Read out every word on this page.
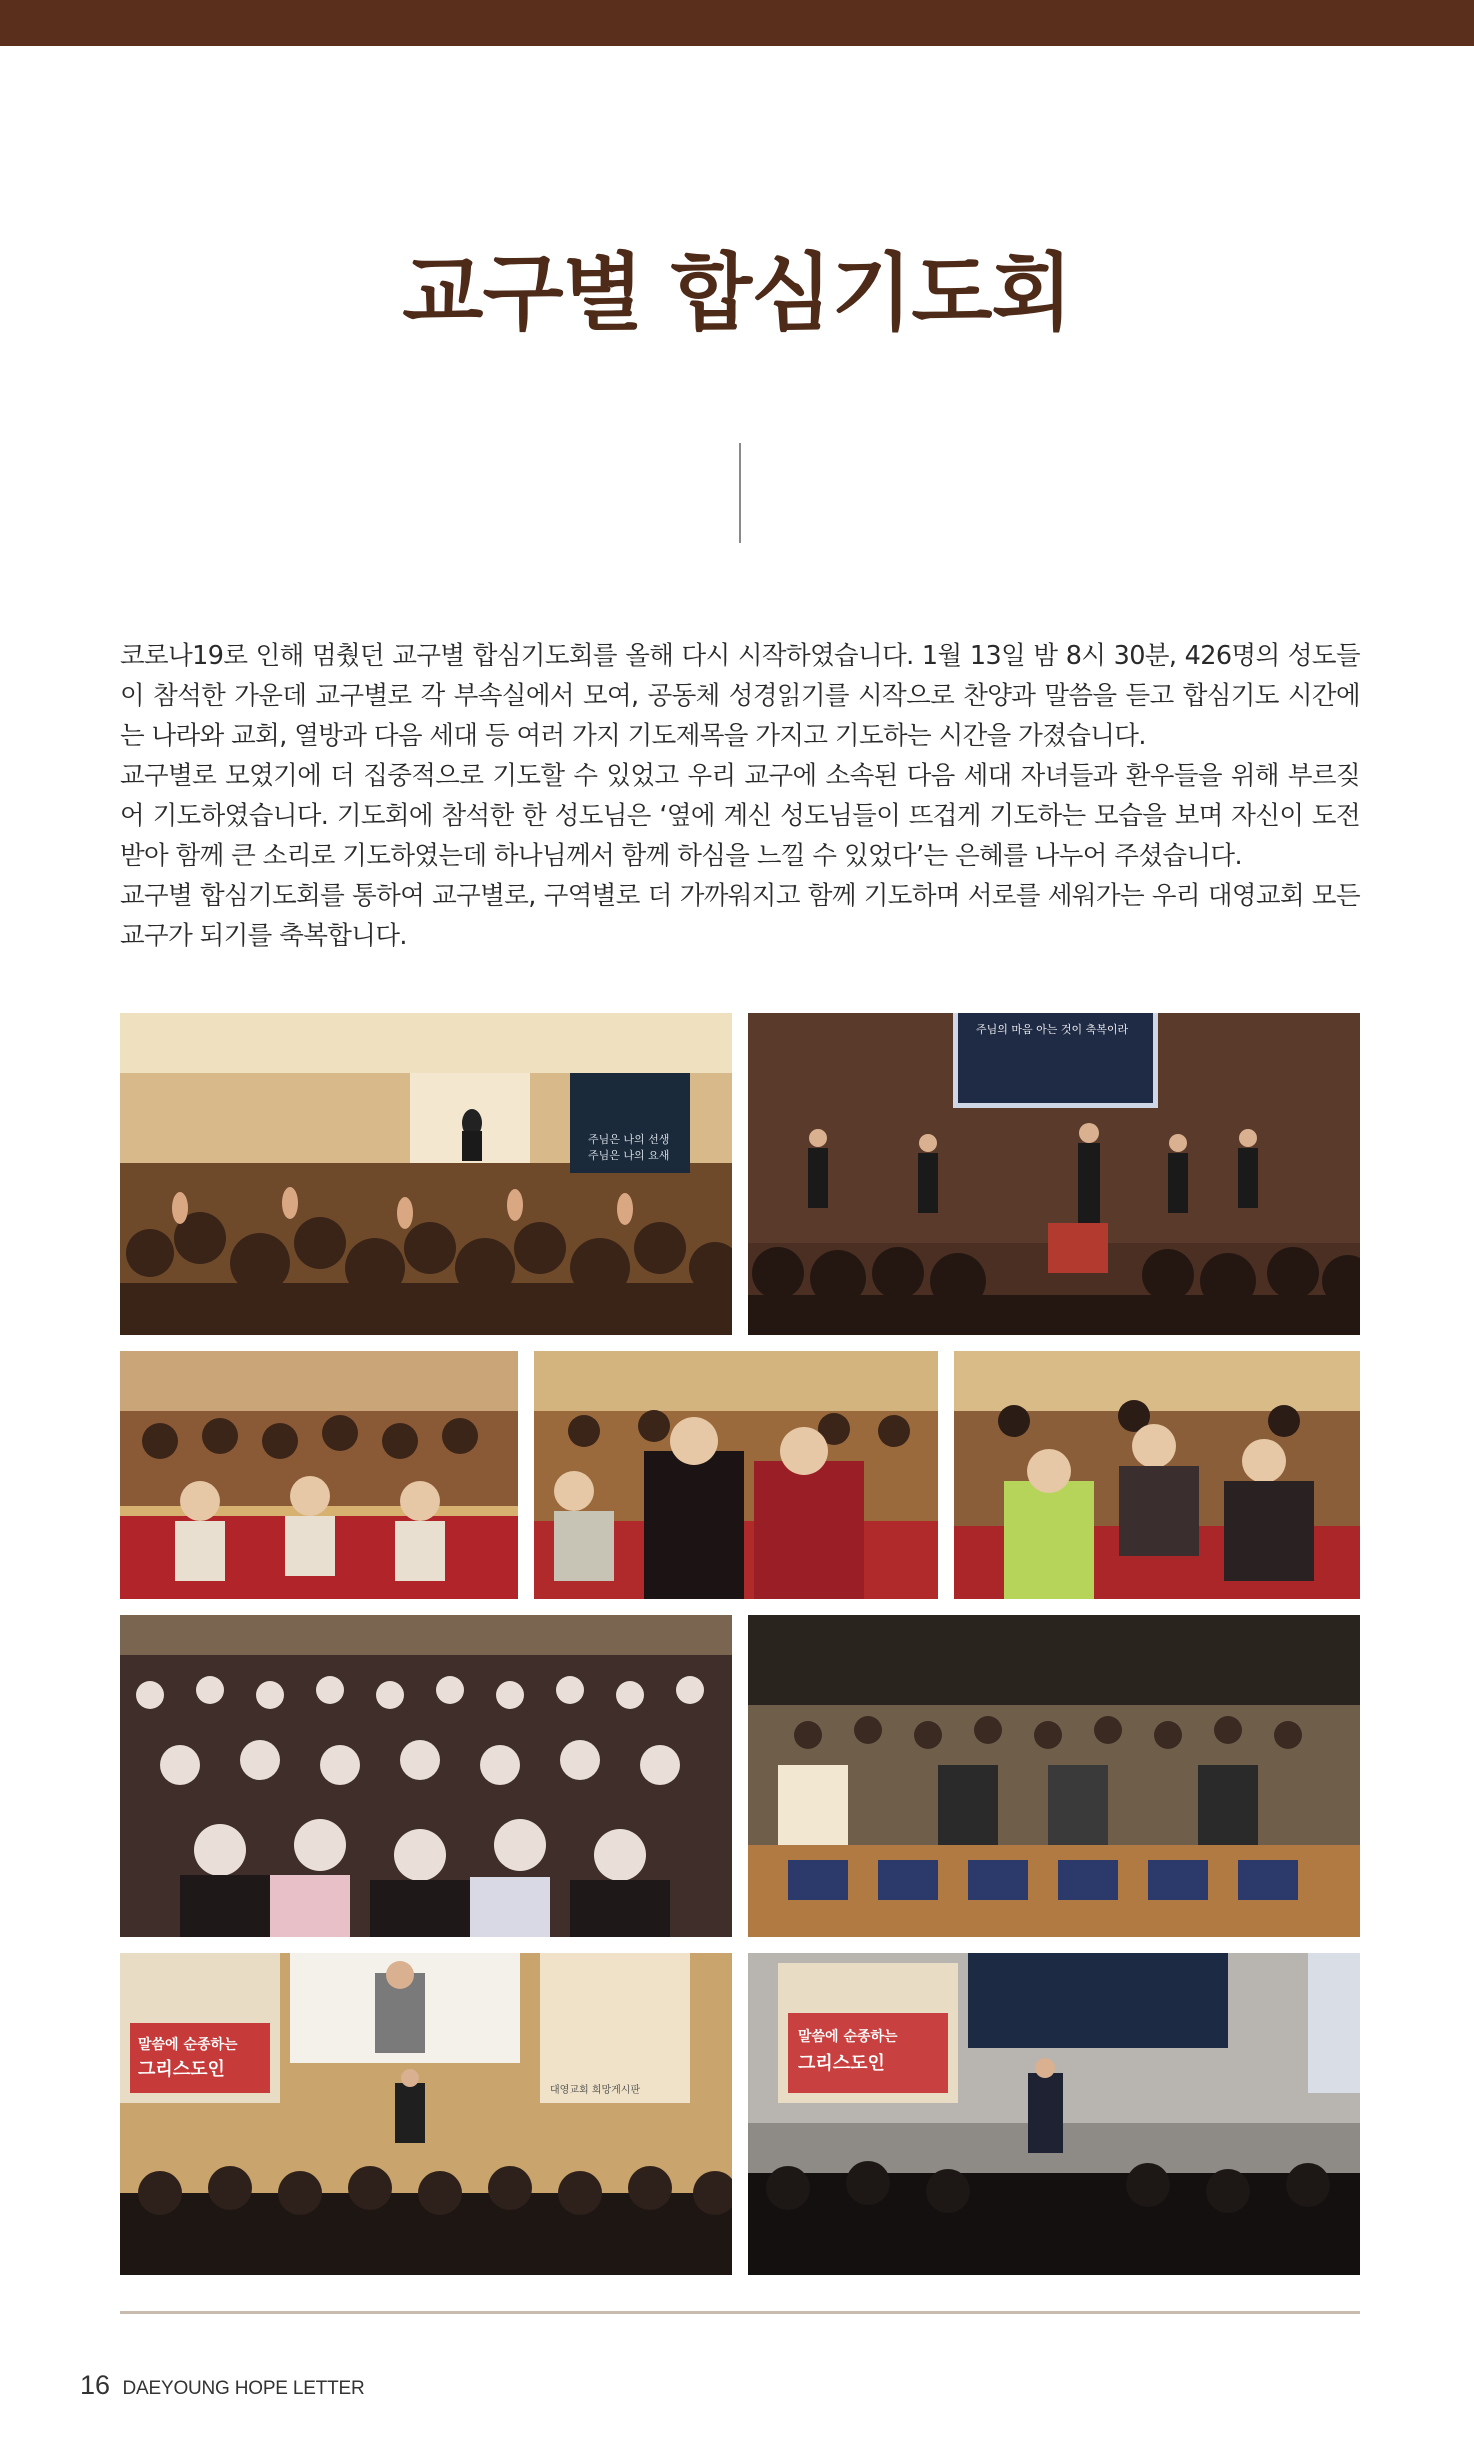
교구별 합심기도회

코로나19로 인해 멈췄던 교구별 합심기도회를 올해 다시 시작하였습니다. 1월 13일 밤 8시 30분, 426명의 성도들이 참석한 가운데 교구별로 각 부속실에서 모여, 공동체 성경읽기를 시작으로 찬양과 말씀을 듣고 합심기도 시간에는 나라와 교회, 열방과 다음 세대 등 여러 가지 기도제목을 가지고 기도하는 시간을 가졌습니다.

교구별로 모였기에 더 집중적으로 기도할 수 있었고 우리 교구에 소속된 다음 세대 자녀들과 환우들을 위해 부르짖어 기도하였습니다. 기도회에 참석한 한 성도님은 ‘옆에 계신 성도님들이 뜨겁게 기도하는 모습을 보며 자신이 도전 받아 함께 큰 소리로 기도하였는데 하나님께서 함께 하심을 느낄 수 있었다’는 은혜를 나누어 주셨습니다.

교구별 합심기도회를 통하여 교구별로, 구역별로 더 가까워지고 함께 기도하며 서로를 세워가는 우리 대영교회 모든 교구가 되기를 축복합니다.

주님은 나의 선생
주님은 나의 요새
주님의 마음 아는 것이 축복이라
말씀에 순종하는
그리스도인
대영교회 희망게시판
말씀에 순종하는
그리스도인
16 DAEYOUNG HOPE LETTER
